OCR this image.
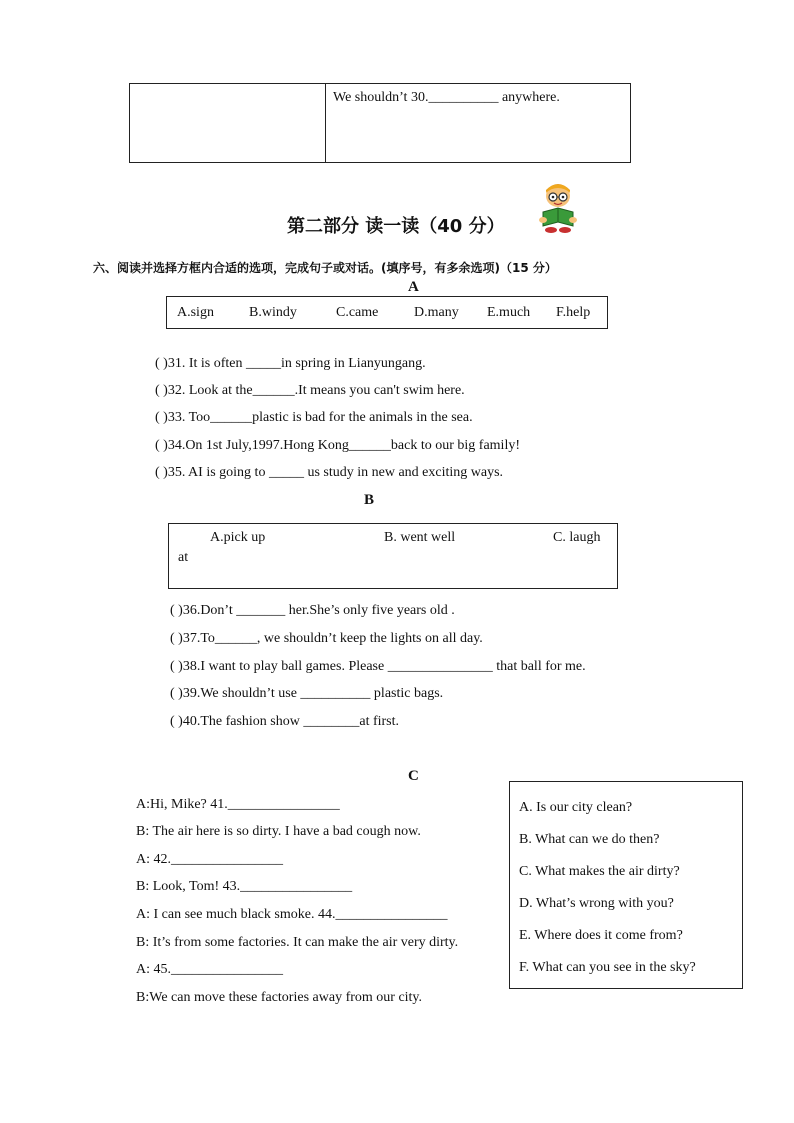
We shouldn’t 30.__________ anywhere.
第二部分 读一读（40 分）
六、阅读并选择方框内合适的选项，完成句子或对话。(填序号，有多余选项)（15 分）
A
A.sign	B.windy	C.came	D.many E.much F.help
( )31. It is often _____in spring in Lianyungang.
( )32. Look at the______.It means you can't swim here.
( )33. Too______plastic is bad for the animals in the sea.
( )34.On 1st July,1997.Hong Kong______back to our big family!
( )35. AI is going to _____ us study in new and exciting ways.
B
A.pick up	B. went well	C. laugh
at
( )36.Don’t _______ her.She’s only five years old .
( )37.To______, we shouldn’t keep the lights on all day.
( )38.I want to play ball games. Please _______________ that ball for me.
( )39.We shouldn’t use __________ plastic bags.
( )40.The fashion show ________at first.
C
A:Hi, Mike? 41.________________
B: The air here is so dirty. I have a bad cough now.
A: 42.________________
B: Look, Tom! 43.________________
A: I can see much black smoke. 44.________________
B: It’s from some factories. It can make the air very dirty.
A: 45.________________
B:We can move these factories away from our city.
A. Is our city clean?
B. What can we do then?
C. What makes the air dirty?
D. What’s wrong with you?
E. Where does it come from?
F. What can you see in the sky?
